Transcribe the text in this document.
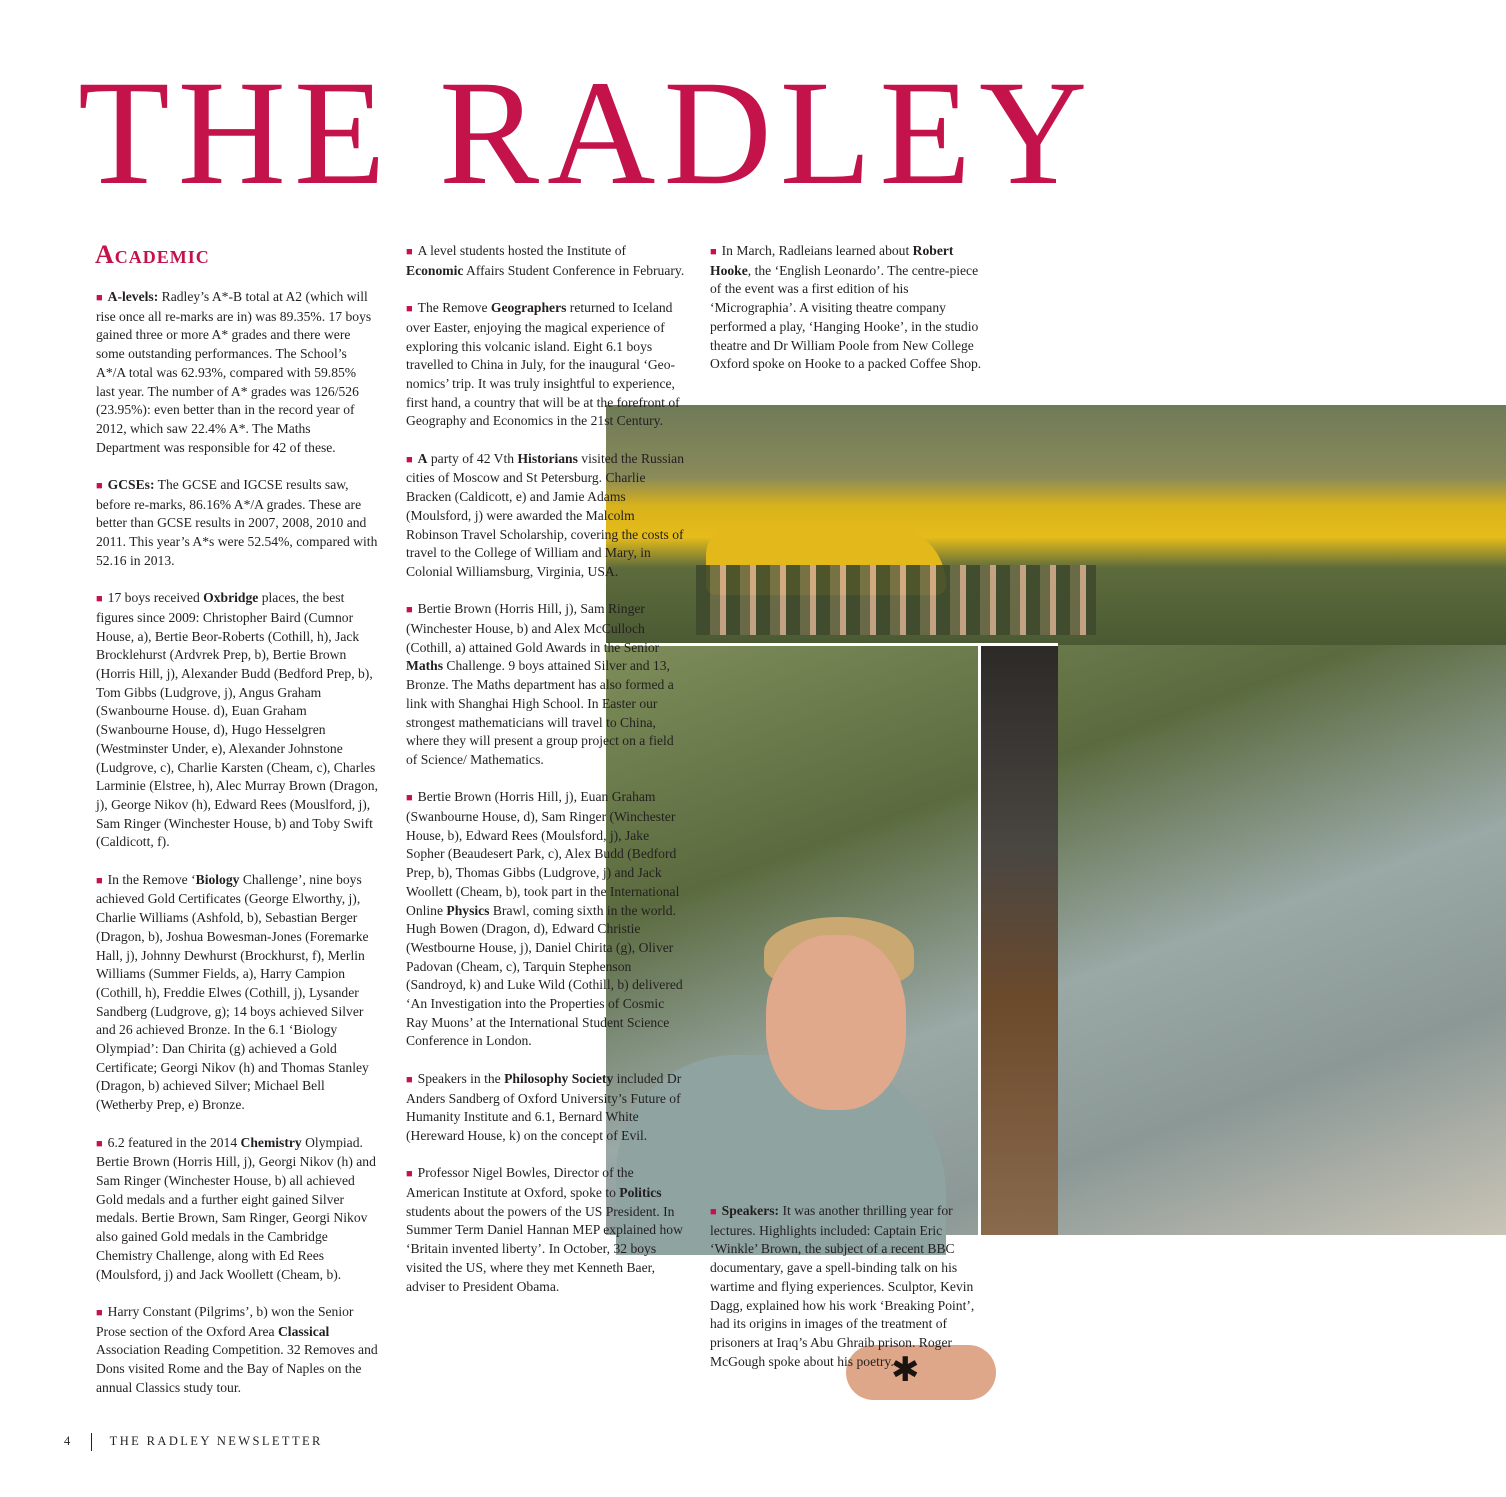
THE RADLEY
Academic
✱

■ A-levels: Radley’s A*-B total at A2 (which will rise once all re-marks are in) was 89.35%. 17 boys gained three or more A* grades and there were some outstanding performances. The School’s A*/A total was 62.93%, compared with 59.85% last year. The number of A* grades was 126/526 (23.95%): even better than in the record year of 2012, which saw 22.4% A*. The Maths Department was responsible for 42 of these.

■ GCSEs: The GCSE and IGCSE results saw, before re-marks, 86.16% A*/A grades. These are better than GCSE results in 2007, 2008, 2010 and 2011. This year’s A*s were 52.54%, compared with 52.16 in 2013.

■ 17 boys received Oxbridge places, the best figures since 2009: Christopher Baird (Cumnor House, a), Bertie Beor-Roberts (Cothill, h), Jack Brocklehurst (Ardvrek Prep, b), Bertie Brown (Horris Hill, j), Alexander Budd (Bedford Prep, b), Tom Gibbs (Ludgrove, j), Angus Graham (Swanbourne House. d), Euan Graham (Swanbourne House, d), Hugo Hesselgren (Westminster Under, e), Alexander Johnstone (Ludgrove, c), Charlie Karsten (Cheam, c), Charles Larminie (Elstree, h), Alec Murray Brown (Dragon, j), George Nikov (h), Edward Rees (Mouslford, j), Sam Ringer (Winchester House, b) and Toby Swift (Caldicott, f).

■ In the Remove ‘Biology Challenge’, nine boys achieved Gold Certificates (George Elworthy, j), Charlie Williams (Ashfold, b), Sebastian Berger (Dragon, b), Joshua Bowesman-Jones (Foremarke Hall, j), Johnny Dewhurst (Brockhurst, f), Merlin Williams (Summer Fields, a), Harry Campion (Cothill, h), Freddie Elwes (Cothill, j), Lysander Sandberg (Ludgrove, g); 14 boys achieved Silver and 26 achieved Bronze. In the 6.1 ‘Biology Olympiad’: Dan Chirita (g) achieved a Gold Certificate; Georgi Nikov (h) and Thomas Stanley (Dragon, b) achieved Silver; Michael Bell (Wetherby Prep, e) Bronze.

■ 6.2 featured in the 2014 Chemistry Olympiad. Bertie Brown (Horris Hill, j), Georgi Nikov (h) and Sam Ringer (Winchester House, b) all achieved Gold medals and a further eight gained Silver medals. Bertie Brown, Sam Ringer, Georgi Nikov also gained Gold medals in the Cambridge Chemistry Challenge, along with Ed Rees (Moulsford, j) and Jack Woollett (Cheam, b).

■ Harry Constant (Pilgrims’, b) won the Senior Prose section of the Oxford Area Classical Association Reading Competition. 32 Removes and Dons visited Rome and the Bay of Naples on the annual Classics study tour.

■ A level students hosted the Institute of Economic Affairs Student Conference in February.

■ The Remove Geographers returned to Iceland over Easter, enjoying the magical experience of exploring this volcanic island. Eight 6.1 boys travelled to China in July, for the inaugural ‘Geo-nomics’ trip. It was truly insightful to experience, first hand, a country that will be at the forefront of Geography and Economics in the 21st Century.

■ A party of 42 Vth Historians visited the Russian cities of Moscow and St Petersburg. Charlie Bracken (Caldicott, e) and Jamie Adams (Moulsford, j) were awarded the Malcolm Robinson Travel Scholarship, covering the costs of travel to the College of William and Mary, in Colonial Williamsburg, Virginia, USA.

■ Bertie Brown (Horris Hill, j), Sam Ringer (Winchester House, b) and Alex McCulloch (Cothill, a) attained Gold Awards in the Senior Maths Challenge. 9 boys attained Silver and 13, Bronze. The Maths department has also formed a link with Shanghai High School. In Easter our strongest mathematicians will travel to China, where they will present a group project on a field of Science/ Mathematics.

■ Bertie Brown (Horris Hill, j), Euan Graham (Swanbourne House, d), Sam Ringer (Winchester House, b), Edward Rees (Moulsford, j), Jake Sopher (Beaudesert Park, c), Alex Budd (Bedford Prep, b), Thomas Gibbs (Ludgrove, j) and Jack Woollett (Cheam, b), took part in the International Online Physics Brawl, coming sixth in the world. Hugh Bowen (Dragon, d), Edward Christie (Westbourne House, j), Daniel Chirita (g), Oliver Padovan (Cheam, c), Tarquin Stephenson (Sandroyd, k) and Luke Wild (Cothill, b) delivered ‘An Investigation into the Properties of Cosmic Ray Muons’ at the International Student Science Conference in London.

■ Speakers in the Philosophy Society included Dr Anders Sandberg of Oxford University’s Future of Humanity Institute and 6.1, Bernard White (Hereward House, k) on the concept of Evil.

■ Professor Nigel Bowles, Director of the American Institute at Oxford, spoke to Politics students about the powers of the US President. In Summer Term Daniel Hannan MEP explained how ‘Britain invented liberty’. In October, 32 boys visited the US, where they met Kenneth Baer, adviser to President Obama.

■ In March, Radleians learned about Robert Hooke, the ‘English Leonardo’. The centre-piece of the event was a first edition of his ‘Micrographia’. A visiting theatre company performed a play, ‘Hanging Hooke’, in the studio theatre and Dr William Poole from New College Oxford spoke on Hooke to a packed Coffee Shop.

■ Speakers: It was another thrilling year for lectures. Highlights included: Captain Eric ‘Winkle’ Brown, the subject of a recent BBC documentary, gave a spell-binding talk on his wartime and flying experiences. Sculptor, Kevin Dagg, explained how his work ‘Breaking Point’, had its origins in images of the treatment of prisoners at Iraq’s Abu Ghraib prison. Roger McGough spoke about his poetry.

4	THE RADLEY NEWSLETTER
